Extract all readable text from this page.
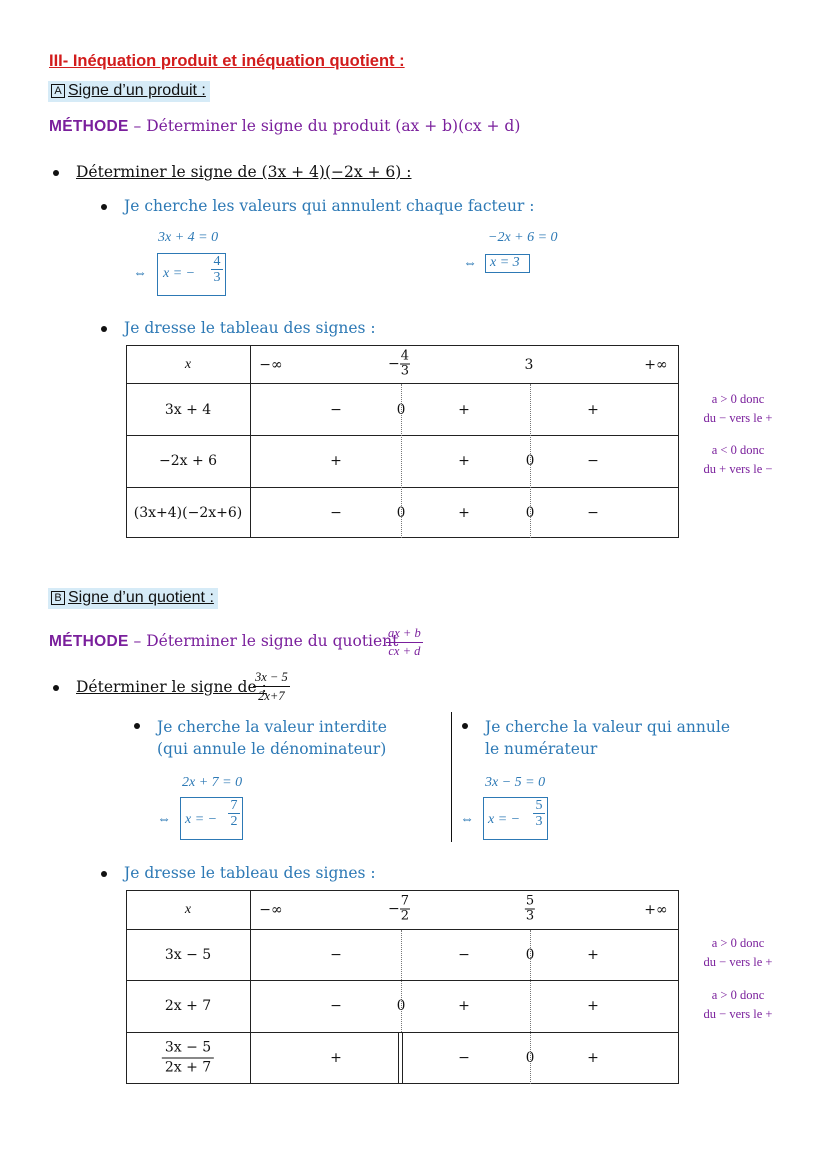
III- Inéquation produit et inéquation quotient :
A Signe d’un produit :
MÉTHODE – Déterminer le signe du produit (ax + b)(cx + d)
Déterminer le signe de (3x + 4)(−2x + 6) :
Je cherche les valeurs qui annulent chaque facteur :
3x + 4 = 0
⇔ x = −
4
3
−2x + 6 = 0
⇔ x = 3
Je dresse le tableau des signes :
x	−∞	− $\frac{4}{3}$	3	+∞
3x + 4	−	0	+	+
−2x + 6	+	+	0	−
(3x+4)(−2x+6)	−	0	+	0	−
a > 0 donc
du − vers le +
a < 0 donc
du + vers le −
B Signe d’un quotient :
MÉTHODE – Déterminer le signe du quotient
ax + b
cx + d
Déterminer le signe de :
3x − 5
2x+7
Je cherche la valeur interdite
(qui annule le dénominateur)
Je cherche la valeur qui annule
le numérateur
2x + 7 = 0
⇔ x = −
7
2
3x − 5 = 0
⇔ x = −
5
3
Je dresse le tableau des signes :
x	−∞	− $\frac{7}{2}$	$\frac{5}{3}$	+∞
3x − 5	−	−	0	+
2x + 7	−	0	+	+
$\frac{3x - 5}{2x + 7}$	+	−	0	+
a > 0 donc
du − vers le +
a > 0 donc
du − vers le +
